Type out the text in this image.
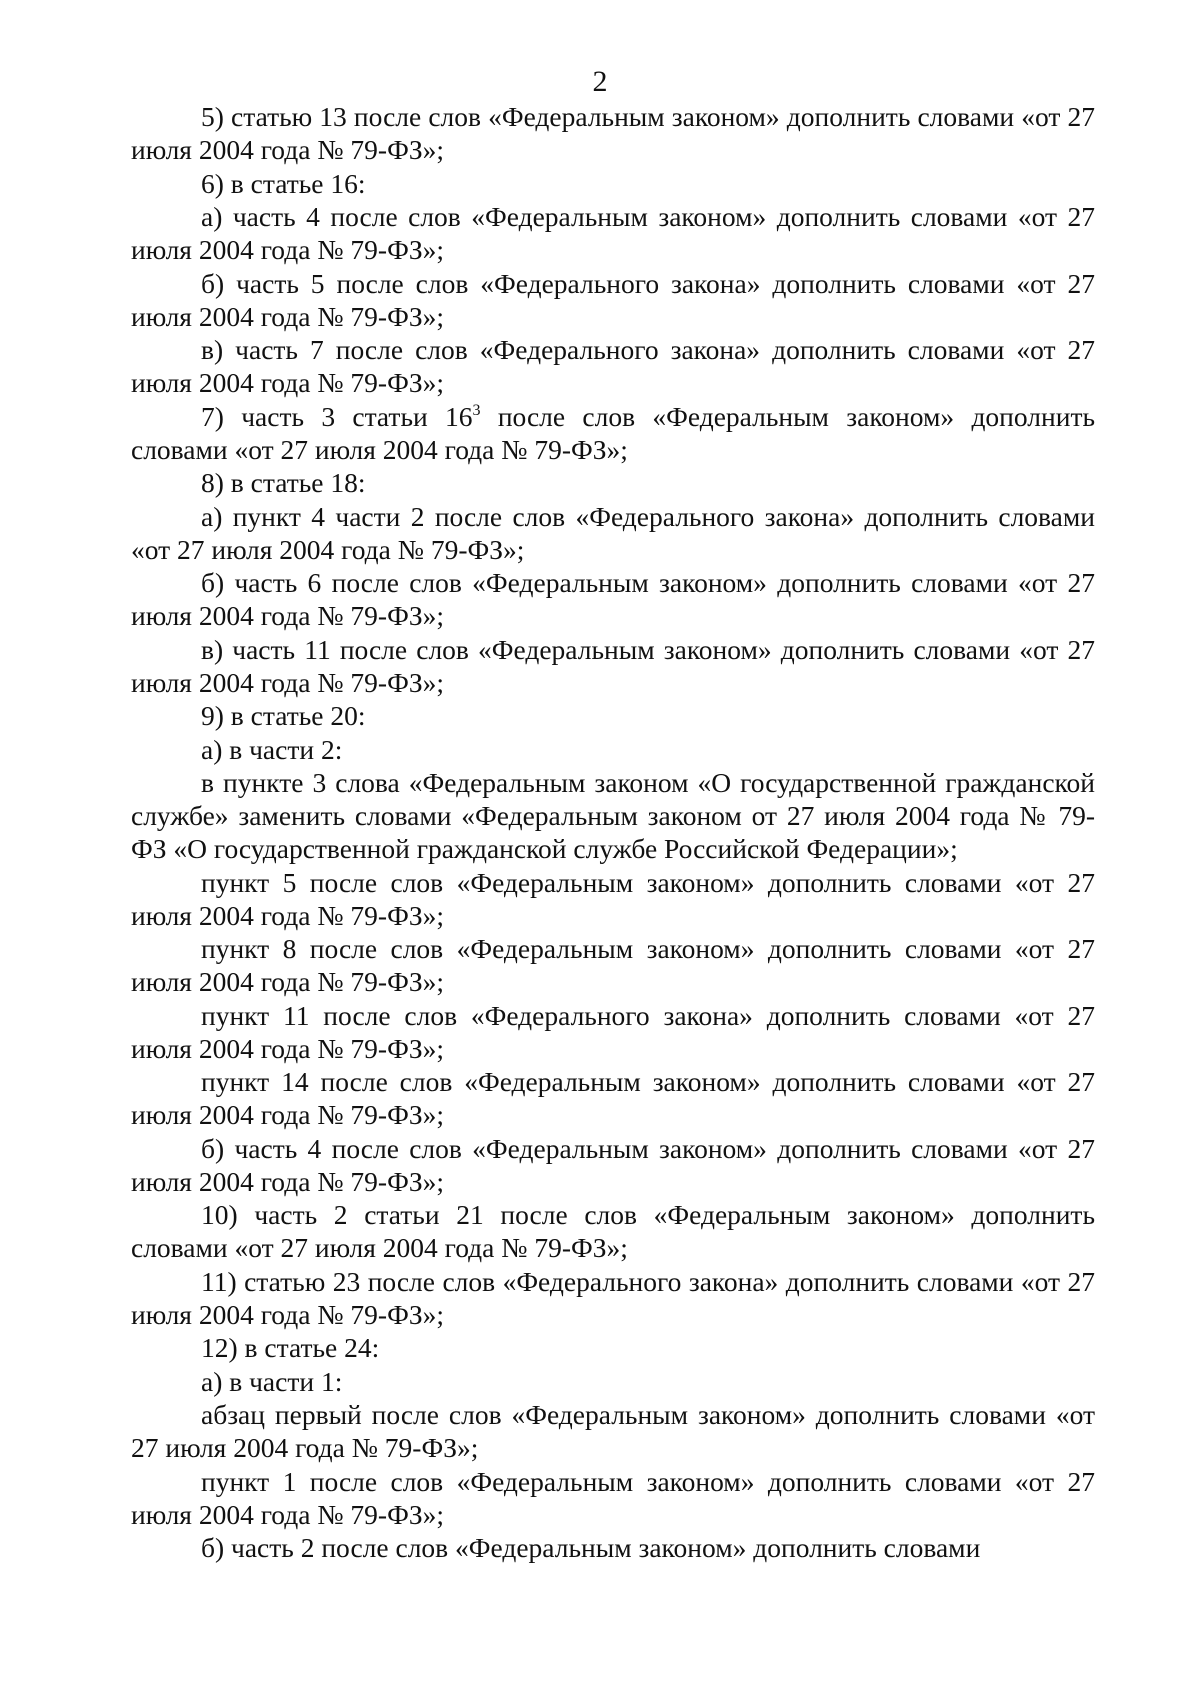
2

5) статью 13 после слов «Федеральным законом» дополнить словами «от 27 июля 2004 года № 79-ФЗ»;

6) в статье 16:

а) часть 4 после слов «Федеральным законом» дополнить словами «от 27 июля 2004 года № 79-ФЗ»;

б) часть 5 после слов «Федерального закона» дополнить словами «от 27 июля 2004 года № 79-ФЗ»;

в) часть 7 после слов «Федерального закона» дополнить словами «от 27 июля 2004 года № 79-ФЗ»;

7) часть 3 статьи $16^3$ после слов «Федеральным законом» дополнить словами «от 27 июля 2004 года № 79-ФЗ»;

8) в статье 18:

а) пункт 4 части 2 после слов «Федерального закона» дополнить словами «от 27 июля 2004 года № 79-ФЗ»;

б) часть 6 после слов «Федеральным законом» дополнить словами «от 27 июля 2004 года № 79-ФЗ»;

в) часть 11 после слов «Федеральным законом» дополнить словами «от 27 июля 2004 года № 79-ФЗ»;

9) в статье 20:

а) в части 2:

в пункте 3 слова «Федеральным законом «О государственной гражданской службе» заменить словами «Федеральным законом от 27 июля 2004 года № 79-ФЗ «О государственной гражданской службе Российской Федерации»;

пункт 5 после слов «Федеральным законом» дополнить словами «от 27 июля 2004 года № 79-ФЗ»;

пункт 8 после слов «Федеральным законом» дополнить словами «от 27 июля 2004 года № 79-ФЗ»;

пункт 11 после слов «Федерального закона» дополнить словами «от 27 июля 2004 года № 79-ФЗ»;

пункт 14 после слов «Федеральным законом» дополнить словами «от 27 июля 2004 года № 79-ФЗ»;

б) часть 4 после слов «Федеральным законом» дополнить словами «от 27 июля 2004 года № 79-ФЗ»;

10) часть 2 статьи 21 после слов «Федеральным законом» дополнить словами «от 27 июля 2004 года № 79-ФЗ»;

11) статью 23 после слов «Федерального закона» дополнить словами «от 27 июля 2004 года № 79-ФЗ»;

12) в статье 24:

а) в части 1:

абзац первый после слов «Федеральным законом» дополнить словами «от 27 июля 2004 года № 79-ФЗ»;

пункт 1 после слов «Федеральным законом» дополнить словами «от 27 июля 2004 года № 79-ФЗ»;

б) часть 2 после слов «Федеральным законом» дополнить словами
